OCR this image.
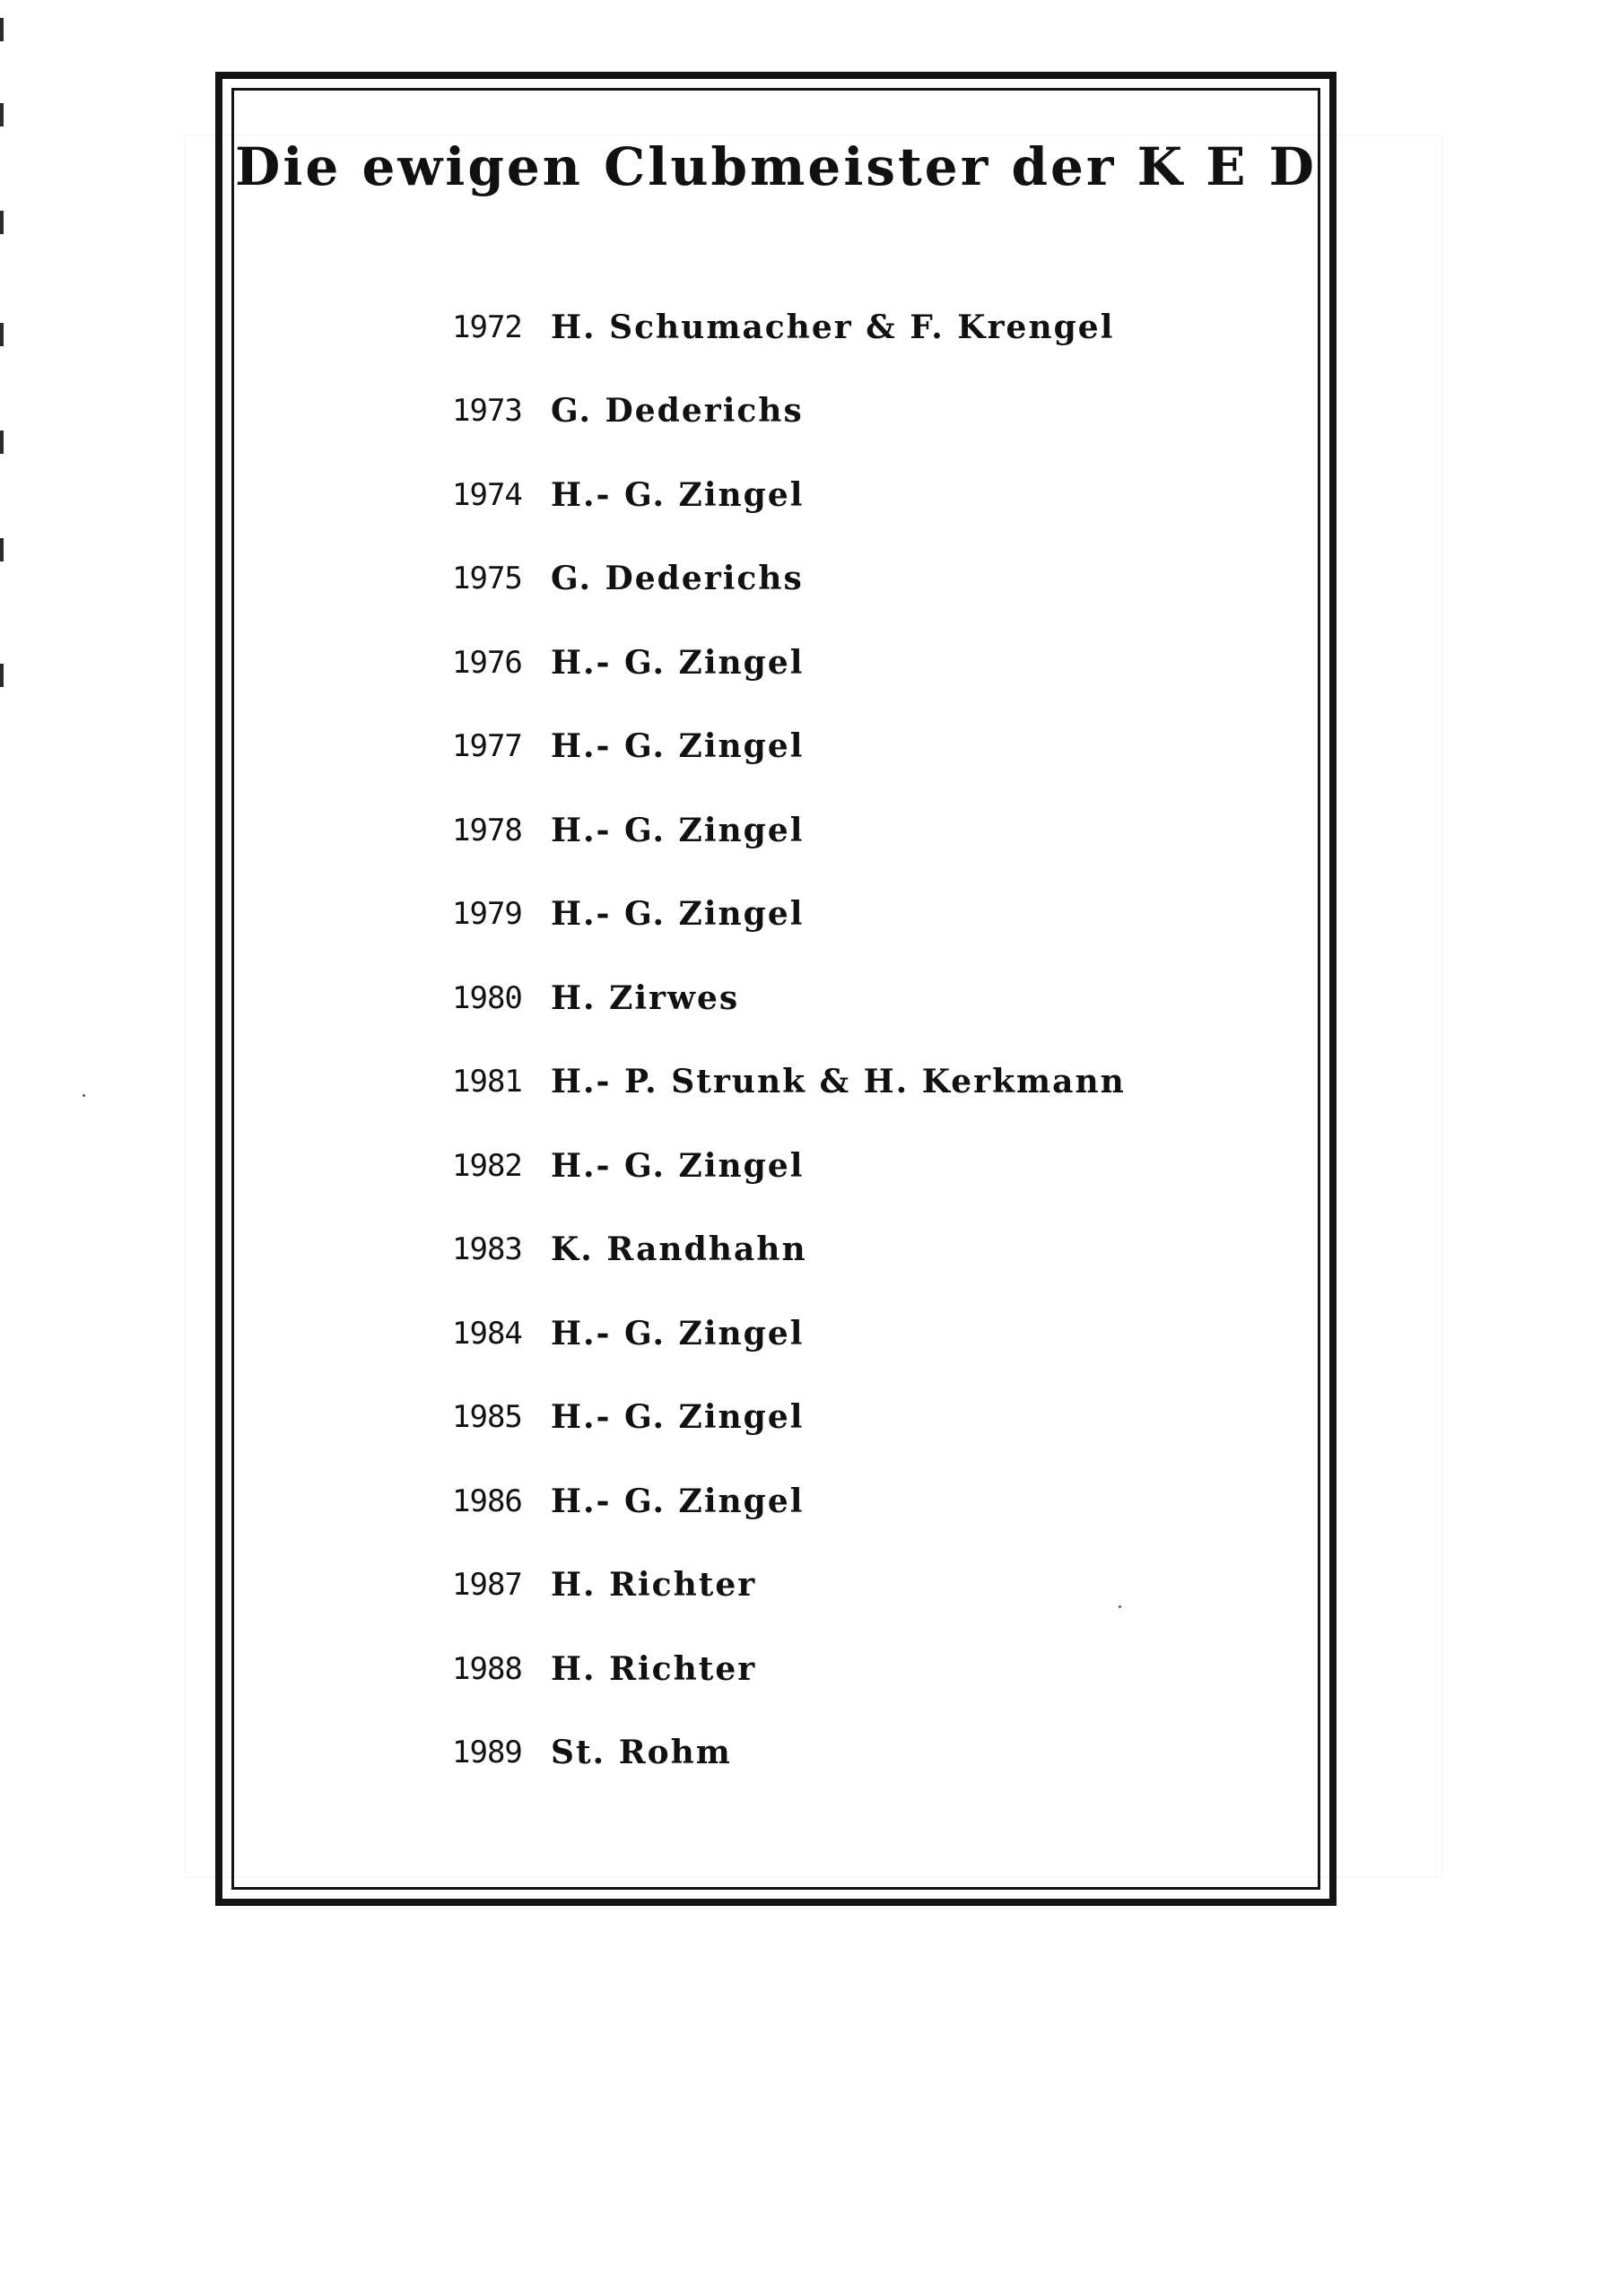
Die ewigen Clubmeister der K E D
1972 H. Schumacher & F. Krengel
1973 G. Dederichs
1974 H.- G. Zingel
1975 G. Dederichs
1976 H.- G. Zingel
1977 H.- G. Zingel
1978 H.- G. Zingel
1979 H.- G. Zingel
1980 H. Zirwes
1981 H.- P. Strunk & H. Kerkmann
1982 H.- G. Zingel
1983 K. Randhahn
1984 H.- G. Zingel
1985 H.- G. Zingel
1986 H.- G. Zingel
1987 H. Richter
1988 H. Richter
1989 St. Rohm
